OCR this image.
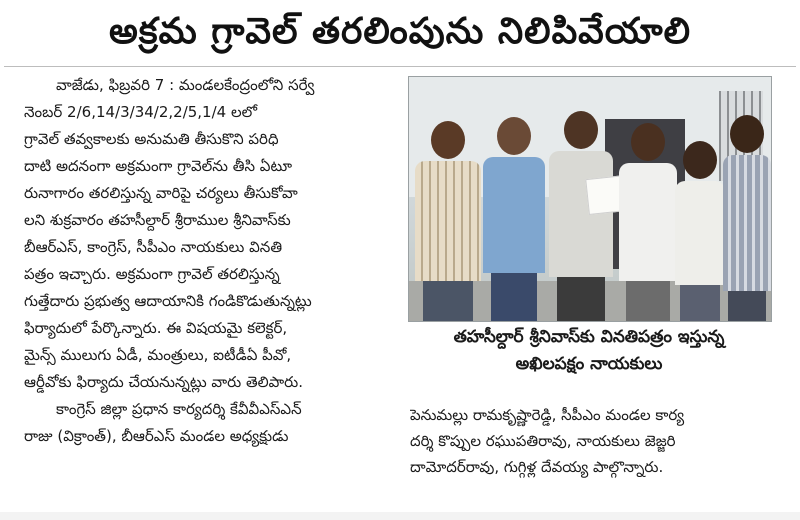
అక్రమ గ్రావెల్ తరలింపును నిలిపివేయాలి
వాజేడు, ఫిబ్రవరి 7 : మండలకేంద్రంలోని సర్వే
నెంబర్ 2/6,14/3/34/2,2/5,1/4 లలో
గ్రావెల్ తవ్వకాలకు అనుమతి తీసుకొని పరిధి
దాటి అదనంగా అక్రమంగా గ్రావెల్‌ను తీసి ఏటూ
రునాగారం తరలిస్తున్న వారిపై చర్యలు తీసుకోవా
లని శుక్రవారం తహసీల్దార్ శ్రీరాముల శ్రీనివాస్‌కు
బీఆర్ఎస్, కాంగ్రెస్, సీపీఎం నాయకులు వినతి
పత్రం ఇచ్చారు. అక్రమంగా గ్రావెల్ తరలిస్తున్న
గుత్తేదారు ప్రభుత్వ ఆదాయానికి గండికొడుతున్నట్లు
ఫిర్యాదులో పేర్కొన్నారు. ఈ విషయమై కలెక్టర్,
మైన్స్ ములుగు ఏడీ, మంత్రులు, ఐటీడీఏ పీవో,
ఆర్డీవోకు ఫిర్యాదు చేయనున్నట్లు వారు తెలిపారు.
కాంగ్రెస్ జిల్లా ప్రధాన కార్యదర్శి కేవీవీఎస్ఎన్
రాజు (విక్రాంత్), బీఆర్ఎస్ మండల అధ్యక్షుడు
తహసీల్దార్ శ్రీనివాస్‌కు వినతిపత్రం ఇస్తున్న
అఖిలపక్షం నాయకులు
పెనుమల్లు రామకృష్ణారెడ్డి, సీపీఎం మండల కార్య
దర్శి కొప్పుల రఘుపతిరావు, నాయకులు జెజ్జరి
దామోదర్‌రావు, గుగ్గిళ్ల దేవయ్య పాల్గొన్నారు.
